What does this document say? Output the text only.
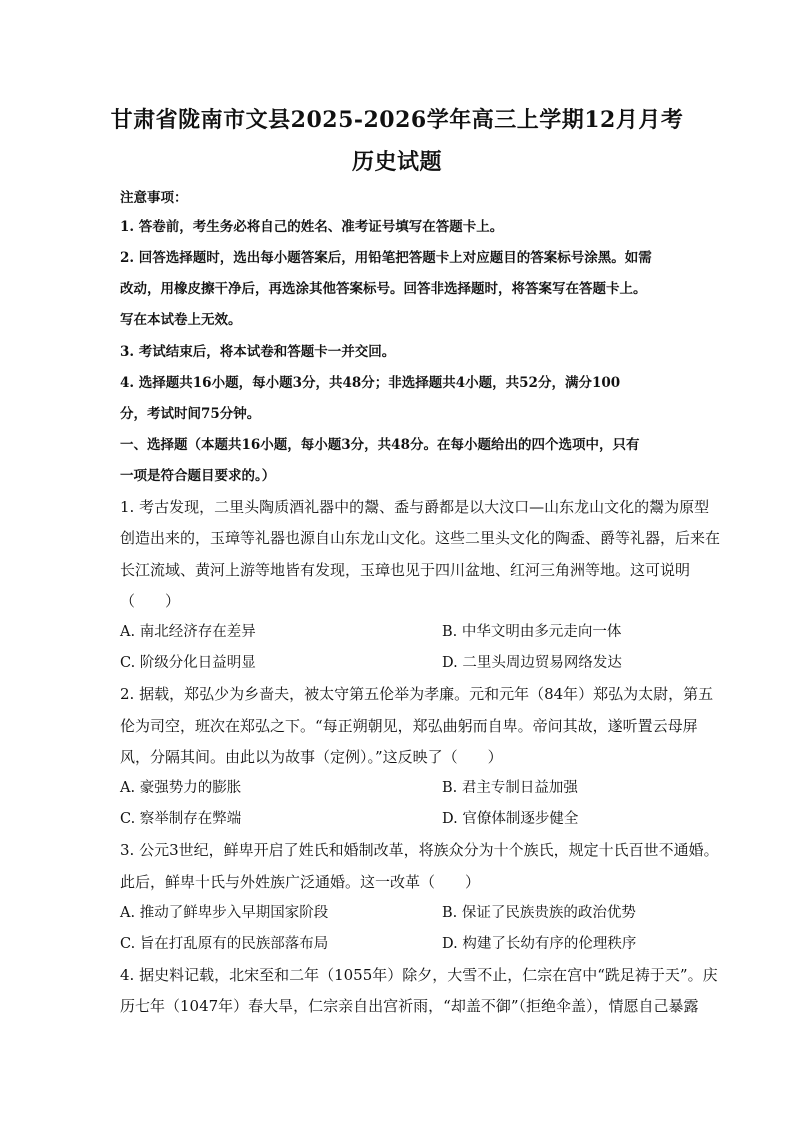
甘肃省陇南市文县2025-2026学年高三上学期12月月考
历史试题
注意事项：
1. 答卷前，考生务必将自己的姓名、准考证号填写在答题卡上。
2. 回答选择题时，选出每小题答案后，用铅笔把答题卡上对应题目的答案标号涂黑。如需
改动，用橡皮擦干净后，再选涂其他答案标号。回答非选择题时，将答案写在答题卡上。
写在本试卷上无效。
3. 考试结束后，将本试卷和答题卡一并交回。
4. 选择题共16小题，每小题3分，共48分；非选择题共4小题，共52分，满分100
分，考试时间75分钟。
一、选择题（本题共16小题，每小题3分，共48分。在每小题给出的四个选项中，只有
一项是符合题目要求的。）
1. 考古发现，二里头陶质酒礼器中的鬶、盉与爵都是以大汶口—山东龙山文化的鬶为原型
创造出来的，玉璋等礼器也源自山东龙山文化。这些二里头文化的陶盉、爵等礼器，后来在
长江流域、黄河上游等地皆有发现，玉璋也见于四川盆地、红河三角洲等地。这可说明
（　　）
A. 南北经济存在差异	B. 中华文明由多元走向一体
C. 阶级分化日益明显	D. 二里头周边贸易网络发达
2. 据载，郑弘少为乡啬夫，被太守第五伦举为孝廉。元和元年（84年）郑弘为太尉，第五
伦为司空，班次在郑弘之下。“每正朔朝见，郑弘曲躬而自卑。帝问其故，遂听置云母屏
风，分隔其间。由此以为故事（定例）。”这反映了（　　）
A. 豪强势力的膨胀	B. 君主专制日益加强
C. 察举制存在弊端	D. 官僚体制逐步健全
3. 公元3世纪，鲜卑开启了姓氏和婚制改革，将族众分为十个族氏，规定十氏百世不通婚。
此后，鲜卑十氏与外姓族广泛通婚。这一改革（　　）
A. 推动了鲜卑步入早期国家阶段	B. 保证了民族贵族的政治优势
C. 旨在打乱原有的民族部落布局	D. 构建了长幼有序的伦理秩序
4. 据史料记载，北宋至和二年（1055年）除夕，大雪不止，仁宗在宫中“跣足祷于天”。庆
历七年（1047年）春大旱，仁宗亲自出宫祈雨，“却盖不御”（拒绝伞盖），情愿自己暴露
